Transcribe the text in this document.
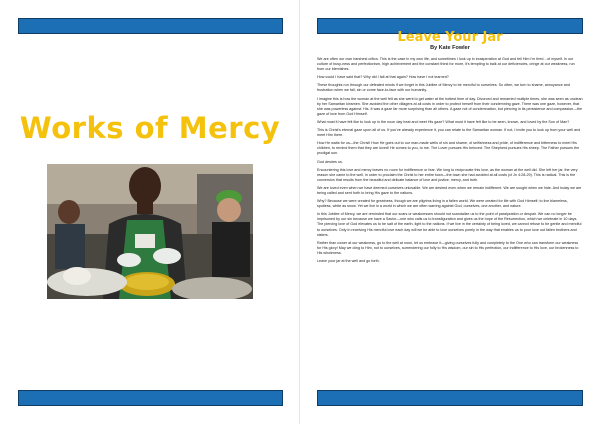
Works of Mercy
Leave Your Jar
By Kate Fowler

We are often our own harshest critics. This is the case in my own life, and sometimes I look up in exasperation at God and tell Him I'm tired…of myself. In our culture of busy-ness and perfectionism, high achievement and the constant thirst for more, it's tempting to balk at our deficiencies, cringe at our weakness, run from our blemishes.

How could I have said that? Why did I fall at that again? How have I not learned?

These thoughts run through our defeated minds if we forget in this Jubilee of Mercy to be merciful to ourselves. So often, we turn to shame, annoyance and frustration when we fall, sin or come face-to-face with our humanity.

I imagine this is how the woman at the well felt as she went to get water at the hottest time of day. Divorced and remarried multiple times, she was seen as unclean by her Samaritan kinsmen. She avoided the other villagers at all costs in order to protect herself from their condemning gaze. There was one gaze, however, that she was powerless against: His. It was a gaze far more surprising than all others. A gaze not of condemnation, but piercing in its persistence and compassion—the gaze of love from God Himself.

What must it have felt like to look up in the noon day heat and meet His gaze? What must it have felt like to be seen, known, and loved by the Son of Man?

This is Christ's eternal gaze upon all of us. If you've already experience it, you can relate to the Samaritan woman. If not, I invite you to look up from your well and meet Him there.

How He waits for us—the Christ! How He goes out to our man-made wells of sin and shame, of selfishness and pride, of indifference and bitterness to meet His children, to remind them that they are loved! He comes to you, to me. The Lover pursues His beloved. The Shepherd pursues His sheep. The Father pursues the prodigal son.

God desires us.

Encountering this love and mercy leaves no room for indifference or fear. We long to reciprocate this love, as the woman at the well did. She left her jar, the very reason she came to the well, in order to proclaim the Christ to her entire town—the town she had avoided at all costs (cf Jn 4:28-29). This is radical. This is the conversion that results from the beautiful and delicate balance of love and justice, mercy, and truth.

We are loved even when we have deemed ourselves unlovable. We are desired even when we remain indifferent. We are sought when we hide. And today we are being called and sent forth to bring His gaze to the nations.

Why? Because we were created for greatness, though we are pilgrims living in a fallen world. We were created for life with God Himself; to live blameless, spotless, white as snow. Yet we live in a world in which we are often warring against God, ourselves, one another, and nature.

In this Jubilee of Mercy, we are reminded that our scars or weaknesses should not scandalize us to the point of paralyzation or despair. We can no longer be imprisoned by our sin because we have a Savior—one who calls us to transfiguration and gives us the hope of the Resurrection, which we celebrate in 10 days. The piercing love of God elevates us to be salt of the earth, light to the nations. If we live in the certainty of being loved, we cannot refuse to be gentle and merciful to ourselves. Only in receiving His merciful love each day will we be able to love ourselves purely in the way that enables us to pour love out fallen brothers and sisters.

Rather than cower at our weakness, go to the well at noon, let us embrace it—giving ourselves fully and completely to the One who can transform our weakness for His glory! May we cling to Him, not to ourselves, surrendering our folly to His wisdom, our sin to His perfection, our indifference to His love, our brokenness to His wholeness.

Leave your jar at the well and go forth.
